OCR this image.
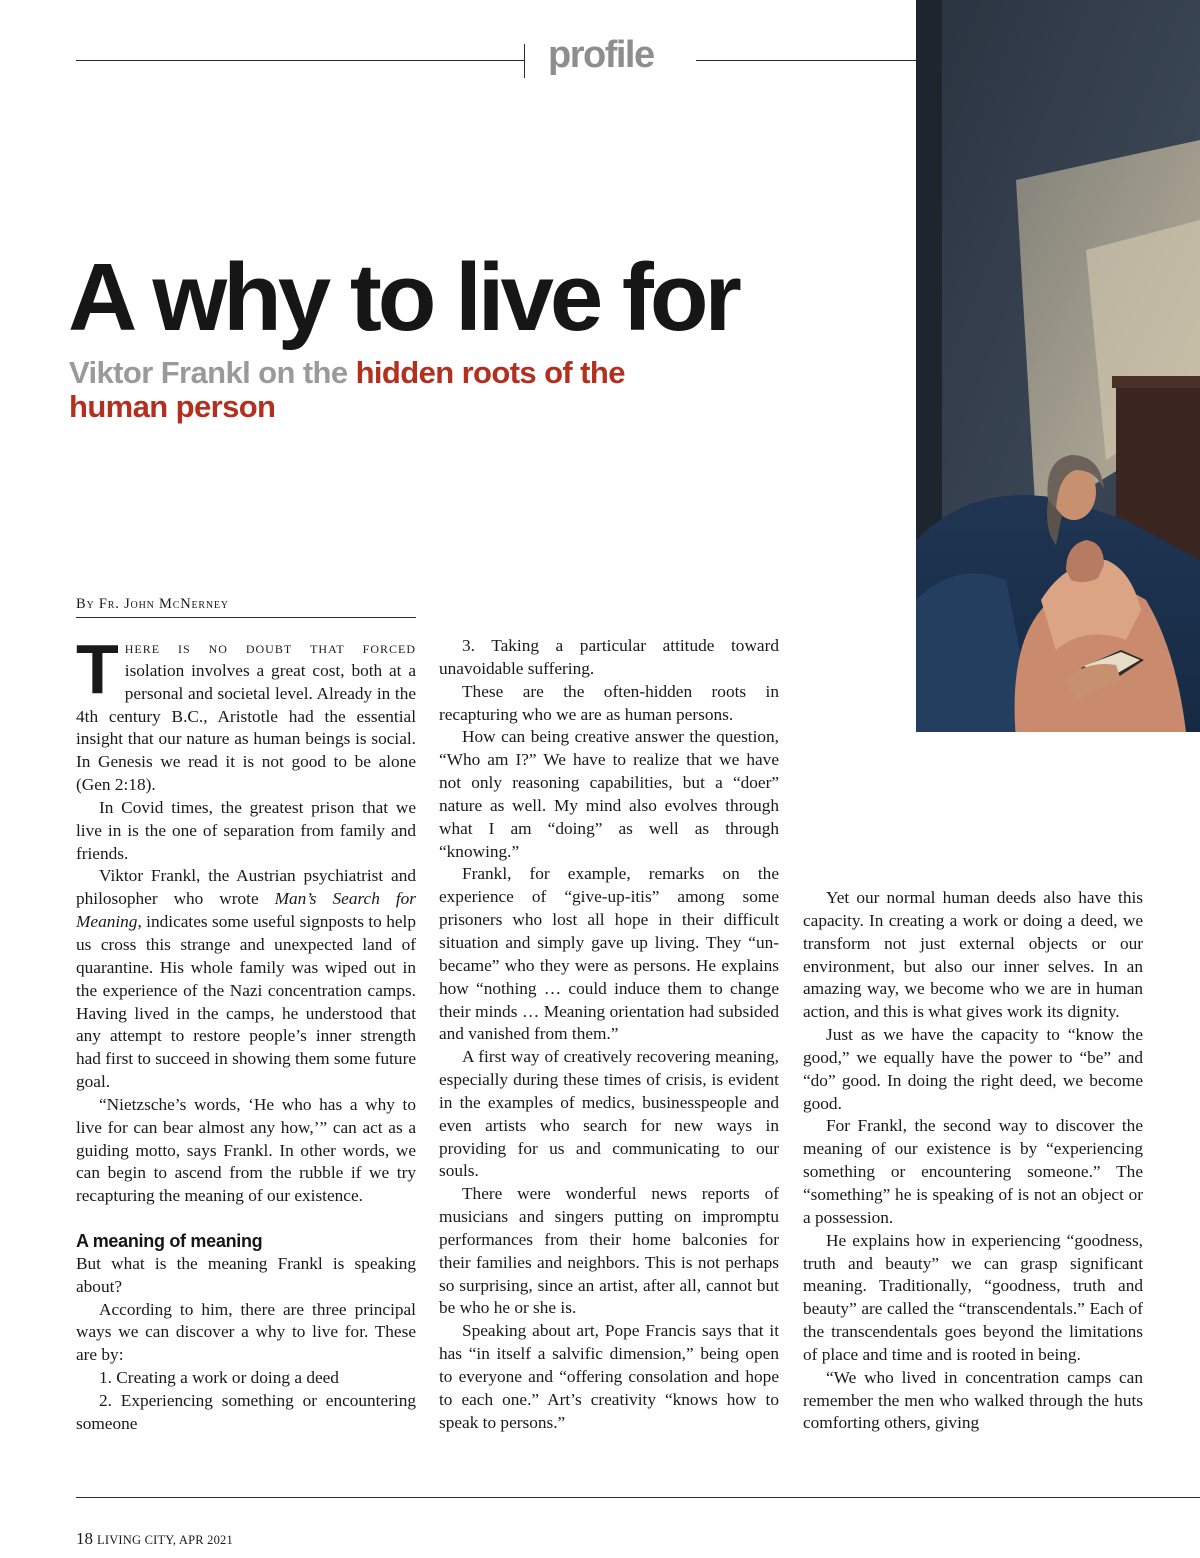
profile
A why to live for
Viktor Frankl on the hidden roots of the human person
By Fr. John McNerney

There is no doubt that forced isolation involves a great cost, both at a personal and societal level. Already in the 4th century B.C., Aristotle had the essential insight that our nature as human beings is social. In Genesis we read it is not good to be alone (Gen 2:18).

In Covid times, the greatest prison that we live in is the one of separation from family and friends.

Viktor Frankl, the Austrian psychiatrist and philosopher who wrote Man’s Search for Meaning, indicates some useful signposts to help us cross this strange and unexpected land of quarantine. His whole family was wiped out in the experience of the Nazi concentration camps. Having lived in the camps, he understood that any attempt to restore people’s inner strength had first to succeed in showing them some future goal.

“Nietzsche’s words, ‘He who has a why to live for can bear almost any how,’” can act as a guiding motto, says Frankl. In other words, we can begin to ascend from the rubble if we try recapturing the meaning of our existence.

A meaning of meaning

But what is the meaning Frankl is speaking about?

According to him, there are three principal ways we can discover a why to live for. These are by:

1. Creating a work or doing a deed

2. Experiencing something or encountering someone

3. Taking a particular attitude toward unavoidable suffering.

These are the often-hidden roots in recapturing who we are as human persons.

How can being creative answer the question, “Who am I?” We have to realize that we have not only reasoning capabilities, but a “doer” nature as well. My mind also evolves through what I am “doing” as well as through “knowing.”

Frankl, for example, remarks on the experience of “give-up-itis” among some prisoners who lost all hope in their difficult situation and simply gave up living. They “un-became” who they were as persons. He explains how “nothing … could induce them to change their minds … Meaning orientation had subsided and vanished from them.”

A first way of creatively recovering meaning, especially during these times of crisis, is evident in the examples of medics, businesspeople and even artists who search for new ways in providing for us and communicating to our souls.

There were wonderful news reports of musicians and singers putting on impromptu performances from their home balconies for their families and neighbors. This is not perhaps so surprising, since an artist, after all, cannot but be who he or she is.

Speaking about art, Pope Francis says that it has “in itself a salvific dimension,” being open to everyone and “offering consolation and hope to each one.” Art’s creativity “knows how to speak to persons.”

Yet our normal human deeds also have this capacity. In creating a work or doing a deed, we transform not just external objects or our environment, but also our inner selves. In an amazing way, we become who we are in human action, and this is what gives work its dignity.

Just as we have the capacity to “know the good,” we equally have the power to “be” and “do” good. In doing the right deed, we become good.

For Frankl, the second way to discover the meaning of our existence is by “experiencing something or encountering someone.” The “something” he is speaking of is not an object or a possession.

He explains how in experiencing “goodness, truth and beauty” we can grasp significant meaning. Traditionally, “goodness, truth and beauty” are called the “transcendentals.” Each of the transcendentals goes beyond the limitations of place and time and is rooted in being.

“We who lived in concentration camps can remember the men who walked through the huts comforting others, giving

18 LIVING CITY, APR 2021
